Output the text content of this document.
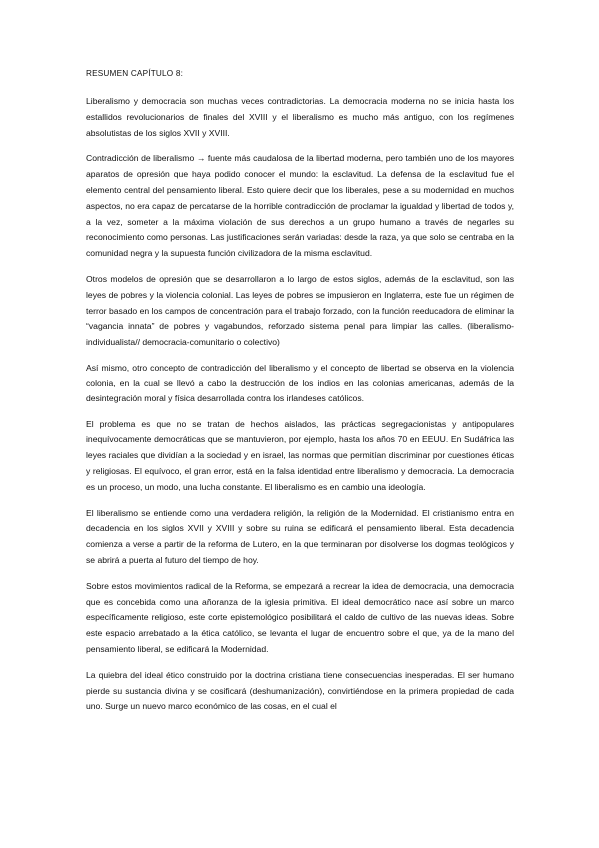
RESUMEN CAPÍTULO 8:

Liberalismo y democracia son muchas veces contradictorias. La democracia moderna no se inicia hasta los estallidos revolucionarios de finales del XVIII y el liberalismo es mucho más antiguo, con los regímenes absolutistas de los siglos XVII y XVIII.

Contradicción de liberalismo → fuente más caudalosa de la libertad moderna, pero también uno de los mayores aparatos de opresión que haya podido conocer el mundo: la esclavitud. La defensa de la esclavitud fue el elemento central del pensamiento liberal. Esto quiere decir que los liberales, pese a su modernidad en muchos aspectos, no era capaz de percatarse de la horrible contradicción de proclamar la igualdad y libertad de todos y, a la vez, someter a la máxima violación de sus derechos a un grupo humano a través de negarles su reconocimiento como personas. Las justificaciones serán variadas: desde la raza, ya que solo se centraba en la comunidad negra y la supuesta función civilizadora de la misma esclavitud.

Otros modelos de opresión que se desarrollaron a lo largo de estos siglos, además de la esclavitud, son las leyes de pobres y la violencia colonial. Las leyes de pobres se impusieron en Inglaterra, este fue un régimen de terror basado en los campos de concentración para el trabajo forzado, con la función reeducadora de eliminar la “vagancia innata” de pobres y vagabundos, reforzado sistema penal para limpiar las calles. (liberalismo- individualista// democracia-comunitario o colectivo)

Así mismo, otro concepto de contradicción del liberalismo y el concepto de libertad se observa en la violencia colonia, en la cual se llevó a cabo la destrucción de los indios en las colonias americanas, además de la desintegración moral y física desarrollada contra los irlandeses católicos.

El problema es que no se tratan de hechos aislados, las prácticas segregacionistas y antipopulares inequívocamente democráticas que se mantuvieron, por ejemplo, hasta los años 70 en EEUU. En Sudáfrica las leyes raciales que dividían a la sociedad y en israel, las normas que permitían discriminar por cuestiones éticas y religiosas. El equívoco, el gran error, está en la falsa identidad entre liberalismo y democracia. La democracia es un proceso, un modo, una lucha constante. El liberalismo es en cambio una ideología.

El liberalismo se entiende como una verdadera religión, la religión de la Modernidad. El cristianismo entra en decadencia en los siglos XVII y XVIII y sobre su ruina se edificará el pensamiento liberal. Esta decadencia comienza a verse a partir de la reforma de Lutero, en la que terminaran por disolverse los dogmas teológicos y se abrirá a puerta al futuro del tiempo de hoy.

Sobre estos movimientos radical de la Reforma, se empezará a recrear la idea de democracia, una democracia que es concebida como una añoranza de la iglesia primitiva. El ideal democrático nace así sobre un marco específicamente religioso, este corte epistemológico posibilitará el caldo de cultivo de las nuevas ideas. Sobre este espacio arrebatado a la ética católico, se levanta el lugar de encuentro sobre el que, ya de la mano del pensamiento liberal, se edificará la Modernidad.

La quiebra del ideal ético construido por la doctrina cristiana tiene consecuencias inesperadas. El ser humano pierde su sustancia divina y se cosificará (deshumanización), convirtiéndose en la primera propiedad de cada uno. Surge un nuevo marco económico de las cosas, en el cual el
